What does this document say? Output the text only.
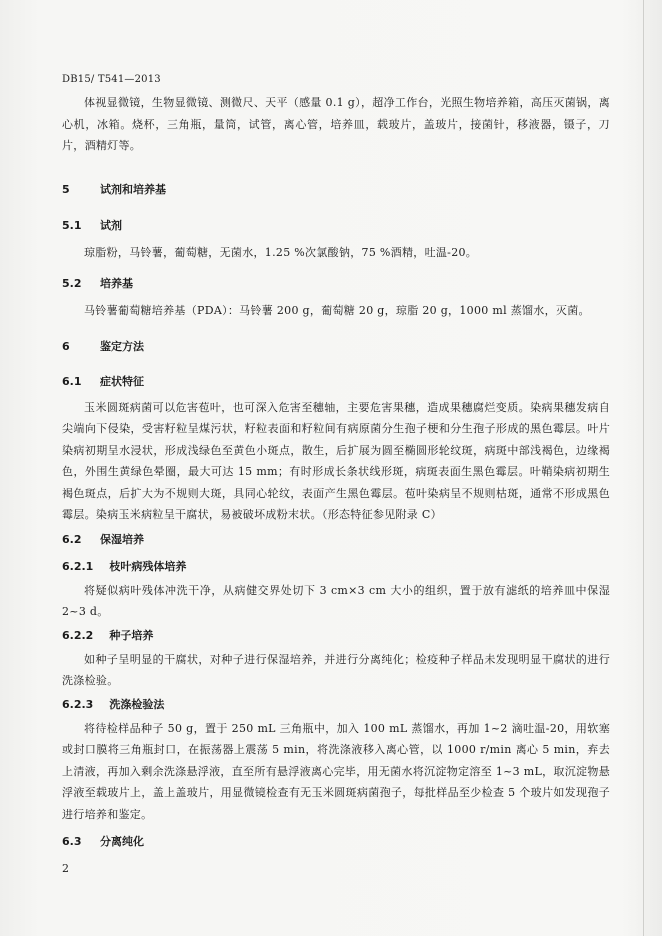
DB15/ T541—2013

体视显微镜，生物显微镜、测微尺、天平（感量 0.1 g），超净工作台，光照生物培养箱，高压灭菌锅，离心机，冰箱。烧杯，三角瓶，量筒，试管，离心管，培养皿，载玻片，盖玻片，接菌针，移液器，镊子，刀片，酒精灯等。

5	试剂和培养基
5.1 试剂

琼脂粉，马铃薯，葡萄糖，无菌水，1.25 %次氯酸钠，75 %酒精，吐温-20。

5.2 培养基

马铃薯葡萄糖培养基（PDA）：马铃薯 200 g，葡萄糖 20 g，琼脂 20 g，1000 ml 蒸馏水，灭菌。

6	鉴定方法
6.1 症状特征

玉米圆斑病菌可以危害苞叶，也可深入危害至穗轴，主要危害果穗，造成果穗腐烂变质。染病果穗发病自尖端向下侵染，受害籽粒呈煤污状，籽粒表面和籽粒间有病原菌分生孢子梗和分生孢子形成的黑色霉层。叶片染病初期呈水浸状，形成浅绿色至黄色小斑点，散生，后扩展为圆至椭圆形轮纹斑，病斑中部浅褐色，边缘褐色，外围生黄绿色晕圈，最大可达 15 mm；有时形成长条状线形斑，病斑表面生黑色霉层。叶鞘染病初期生褐色斑点，后扩大为不规则大斑，具同心轮纹，表面产生黑色霉层。苞叶染病呈不规则枯斑，通常不形成黑色霉层。染病玉米病粒呈干腐状，易被破坏成粉末状。（形态特征参见附录 C）

6.2 保湿培养
6.2.1 枝叶病残体培养

将疑似病叶残体冲洗干净，从病健交界处切下 3 cm×3 cm 大小的组织，置于放有滤纸的培养皿中保湿 2~3 d。

6.2.2 种子培养

如种子呈明显的干腐状，对种子进行保湿培养，并进行分离纯化；检疫种子样品未发现明显干腐状的进行洗涤检验。

6.2.3 洗涤检验法

将待检样品种子 50 g，置于 250 mL 三角瓶中，加入 100 mL 蒸馏水，再加 1~2 滴吐温-20，用软塞或封口膜将三角瓶封口，在振荡器上震荡 5 min，将洗涤液移入离心管，以 1000 r/min 离心 5 min，弃去上清液，再加入剩余洗涤悬浮液，直至所有悬浮液离心完毕，用无菌水将沉淀物定溶至 1~3 mL，取沉淀物悬浮液至载玻片上，盖上盖玻片，用显微镜检查有无玉米圆斑病菌孢子，每批样品至少检查 5 个玻片如发现孢子进行培养和鉴定。

6.3 分离纯化
2
